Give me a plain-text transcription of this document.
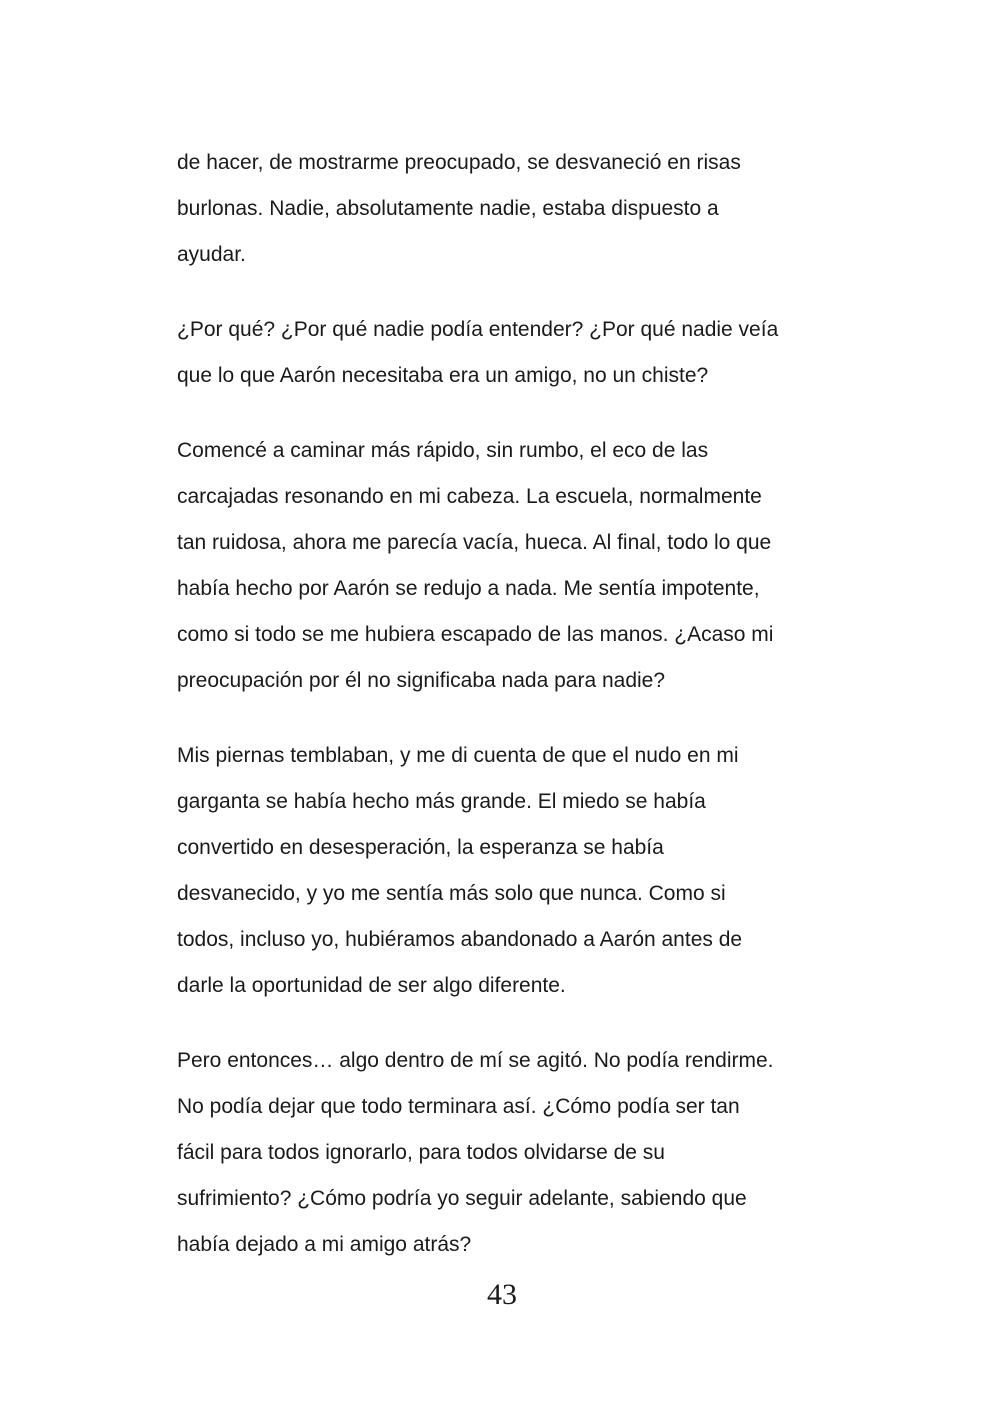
de hacer, de mostrarme preocupado, se desvaneció en risas
burlonas. Nadie, absolutamente nadie, estaba dispuesto a
ayudar.
¿Por qué? ¿Por qué nadie podía entender? ¿Por qué nadie veía
que lo que Aarón necesitaba era un amigo, no un chiste?
Comencé a caminar más rápido, sin rumbo, el eco de las
carcajadas resonando en mi cabeza. La escuela, normalmente
tan ruidosa, ahora me parecía vacía, hueca. Al final, todo lo que
había hecho por Aarón se redujo a nada. Me sentía impotente,
como si todo se me hubiera escapado de las manos. ¿Acaso mi
preocupación por él no significaba nada para nadie?
Mis piernas temblaban, y me di cuenta de que el nudo en mi
garganta se había hecho más grande. El miedo se había
convertido en desesperación, la esperanza se había
desvanecido, y yo me sentía más solo que nunca. Como si
todos, incluso yo, hubiéramos abandonado a Aarón antes de
darle la oportunidad de ser algo diferente.
Pero entonces… algo dentro de mí se agitó. No podía rendirme.
No podía dejar que todo terminara así. ¿Cómo podía ser tan
fácil para todos ignorarlo, para todos olvidarse de su
sufrimiento? ¿Cómo podría yo seguir adelante, sabiendo que
había dejado a mi amigo atrás?
43
